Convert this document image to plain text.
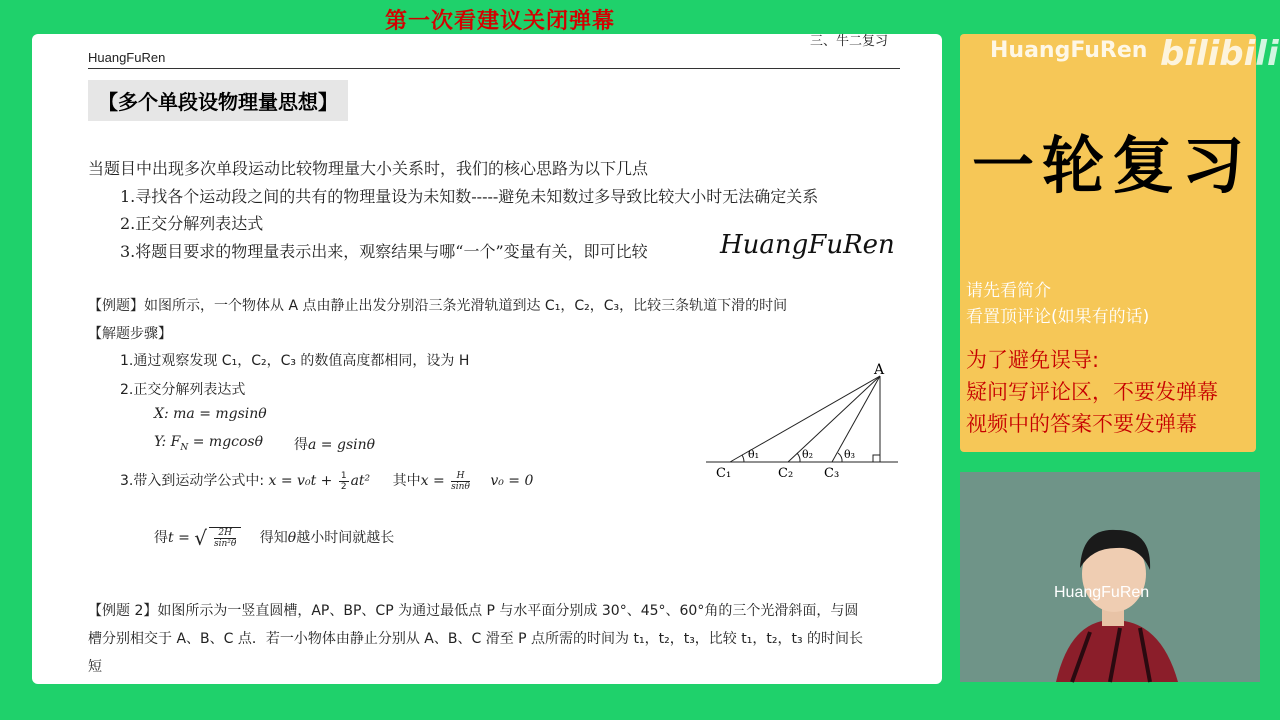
第一次看建议关闭弹幕
三、牛二复习
HuangFuRen
【多个单段设物理量思想】
当题目中出现多次单段运动比较物理量大小关系时，我们的核心思路为以下几点
1.寻找各个运动段之间的共有的物理量设为未知数-----避免未知数过多导致比较大小时无法确定关系
2.正交分解列表达式
3.将题目要求的物理量表示出来，观察结果与哪“一个”变量有关，即可比较	HuangFuRen
【例题】如图所示，一个物体从 A 点由静止出发分别沿三条光滑轨道到达 C₁，C₂，C₃，比较三条轨道下滑的时间
【解题步骤】
1.通过观察发现 C₁，C₂，C₃ 的数值高度都相同，设为 H
2.正交分解列表达式
X: ma = mgsinθ
Y: $F_N = mgcos\theta$ 得a = gsinθ
3.带入到运动学公式中: $x = v_0t + \frac{1}{2} at^2$ 其中$x = \frac{H}{\sin\theta} v_0 = 0$
得t = √ $\frac{2H}{\text{sin²θ}}$ 得知θ越小时间就越长
A
C₁	C₂ C₃
θ₁	θ₂	θ₃
【例题 2】如图所示为一竖直圆槽，AP、BP、CP 为通过最低点 P 与水平面分别成 30°、45°、60°角的三个光滑斜面，与圆
槽分别相交于 A、B、C 点．若一小物体由静止分别从 A、B、C 滑至 P 点所需的时间为 t₁，t₂，t₃，比较 t₁，t₂，t₃ 的时间长
短
HuangFuRen bilibili
一轮复习
请先看简介
看置顶评论(如果有的话)
为了避免误导:
疑问写评论区，不要发弹幕
视频中的答案不要发弹幕
HuangFuRen
